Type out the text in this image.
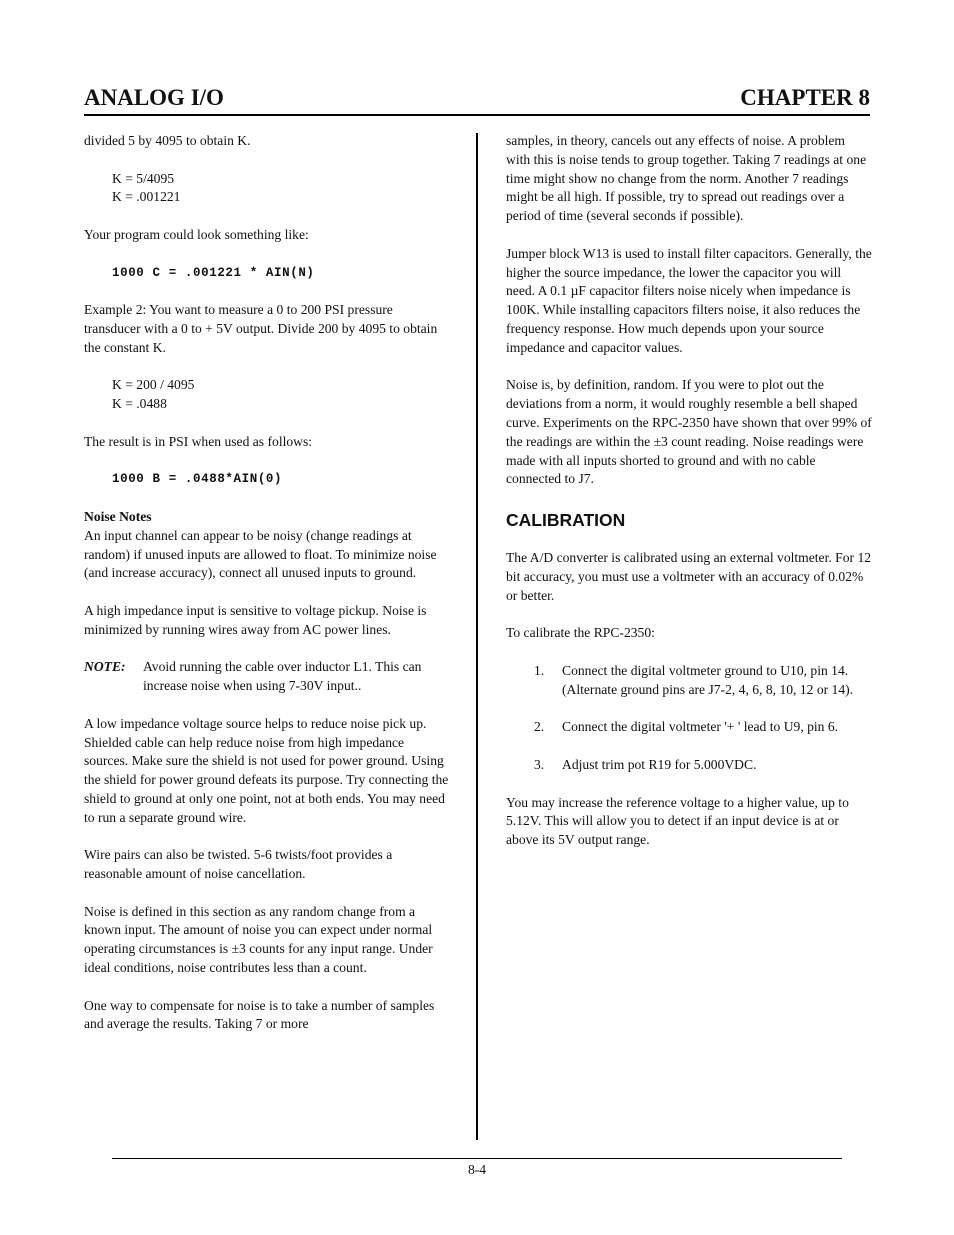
ANALOG I/O	CHAPTER 8

divided 5 by 4095 to obtain K.

K = 5/4095

K = .001221

Your program could look something like:

1000 C = .001221 * AIN(N)

Example 2: You want to measure a 0 to 200 PSI pressure transducer with a 0 to + 5V output. Divide 200 by 4095 to obtain the constant K.

K = 200 / 4095

K = .0488

The result is in PSI when used as follows:

1000 B = .0488*AIN(0)

Noise Notes

An input channel can appear to be noisy (change readings at random) if unused inputs are allowed to float. To minimize noise (and increase accuracy), connect all unused inputs to ground.

A high impedance input is sensitive to voltage pickup. Noise is minimized by running wires away from AC power lines.

NOTE:	Avoid running the cable over inductor L1. This can increase noise when using 7-30V input..

A low impedance voltage source helps to reduce noise pick up. Shielded cable can help reduce noise from high impedance sources. Make sure the shield is not used for power ground. Using the shield for power ground defeats its purpose. Try connecting the shield to ground at only one point, not at both ends. You may need to run a separate ground wire.

Wire pairs can also be twisted. 5-6 twists/foot provides a reasonable amount of noise cancellation.

Noise is defined in this section as any random change from a known input. The amount of noise you can expect under normal operating circumstances is ±3 counts for any input range. Under ideal conditions, noise contributes less than a count.

One way to compensate for noise is to take a number of samples and average the results. Taking 7 or more

samples, in theory, cancels out any effects of noise. A problem with this is noise tends to group together. Taking 7 readings at one time might show no change from the norm. Another 7 readings might be all high. If possible, try to spread out readings over a period of time (several seconds if possible).

Jumper block W13 is used to install filter capacitors. Generally, the higher the source impedance, the lower the capacitor you will need. A 0.1 µF capacitor filters noise nicely when impedance is 100K. While installing capacitors filters noise, it also reduces the frequency response. How much depends upon your source impedance and capacitor values.

Noise is, by definition, random. If you were to plot out the deviations from a norm, it would roughly resemble a bell shaped curve. Experiments on the RPC-2350 have shown that over 99% of the readings are within the ±3 count reading. Noise readings were made with all inputs shorted to ground and with no cable connected to J7.

CALIBRATION

The A/D converter is calibrated using an external voltmeter. For 12 bit accuracy, you must use a voltmeter with an accuracy of 0.02% or better.

To calibrate the RPC-2350:

1.	Connect the digital voltmeter ground to U10, pin 14. (Alternate ground pins are J7-2, 4, 6, 8, 10, 12 or 14).
2.	Connect the digital voltmeter '+ ' lead to U9, pin 6.
3.	Adjust trim pot R19 for 5.000VDC.

You may increase the reference voltage to a higher value, up to 5.12V. This will allow you to detect if an input device is at or above its 5V output range.

8-4
